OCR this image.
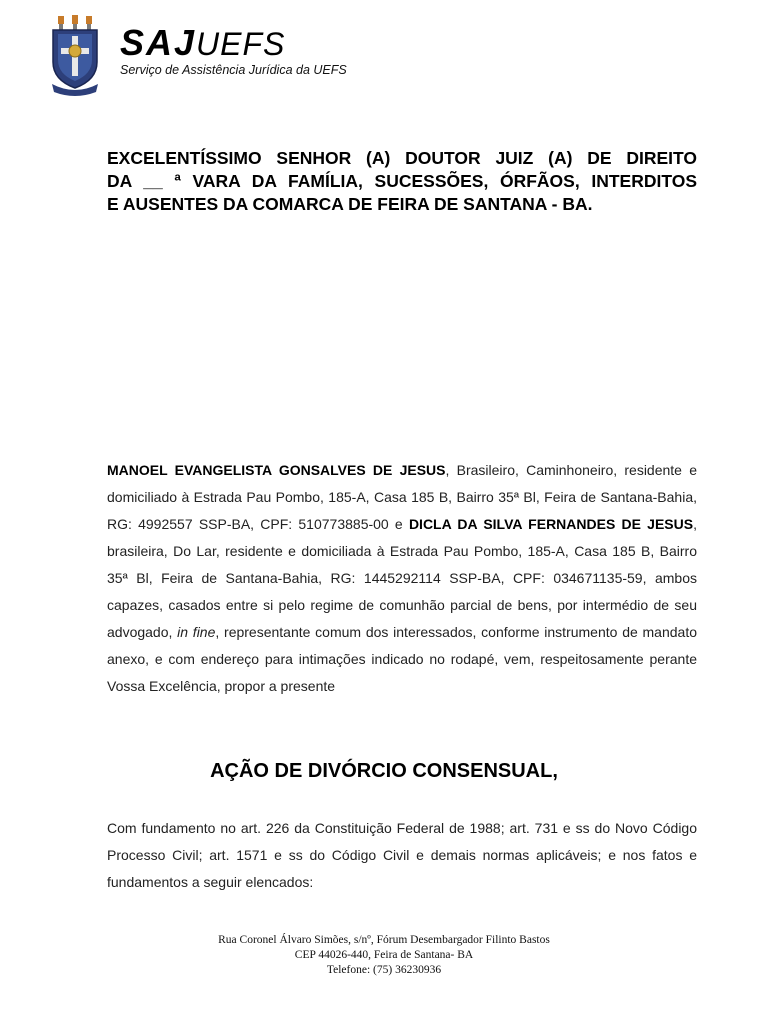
SAJUEFS
Serviço de Assistência Jurídica da UEFS
EXCELENTÍSSIMO SENHOR (A) DOUTOR JUIZ (A) DE DIREITO
DA __ ª VARA DA FAMÍLIA, SUCESSÕES, ÓRFÃOS, INTERDITOS
E AUSENTES DA COMARCA DE FEIRA DE SANTANA - BA.
MANOEL EVANGELISTA GONSALVES DE JESUS, Brasileiro, Caminhoneiro, residente e domiciliado à Estrada Pau Pombo, 185-A, Casa 185 B, Bairro 35ª Bl, Feira de Santana-Bahia, RG: 4992557 SSP-BA, CPF: 510773885-00 e DICLA DA SILVA FERNANDES DE JESUS, brasileira, Do Lar, residente e domiciliada à Estrada Pau Pombo, 185-A, Casa 185 B, Bairro 35ª Bl, Feira de Santana-Bahia, RG: 1445292114 SSP-BA, CPF: 034671135-59, ambos capazes, casados entre si pelo regime de comunhão parcial de bens, por intermédio de seu advogado, in fine, representante comum dos interessados, conforme instrumento de mandato anexo, e com endereço para intimações indicado no rodapé, vem, respeitosamente perante Vossa Excelência, propor a presente
AÇÃO DE DIVÓRCIO CONSENSUAL,
Com fundamento no art. 226 da Constituição Federal de 1988; art. 731 e ss do Novo Código Processo Civil; art. 1571 e ss do Código Civil e demais normas aplicáveis; e nos fatos e fundamentos a seguir elencados:
Rua Coronel Álvaro Simões, s/nº, Fórum Desembargador Filinto Bastos
CEP 44026-440, Feira de Santana- BA
Telefone: (75) 36230936
